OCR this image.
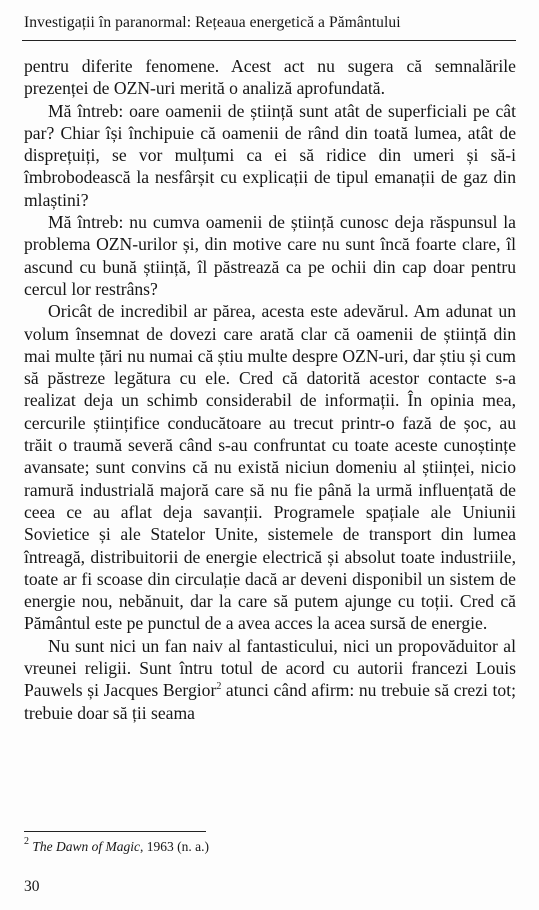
Investigații în paranormal: Rețeaua energetică a Pământului

pentru diferite fenomene. Acest act nu sugera că semnalările prezenței de OZN-uri merită o analiză aprofundată.

Mă întreb: oare oamenii de știință sunt atât de superficiali pe cât par? Chiar își închipuie că oamenii de rând din toată lumea, atât de disprețuiți, se vor mulțumi ca ei să ridice din umeri și să-i îmbrobodească la nesfârșit cu explicații de tipul emanații de gaz din mlaștini?

Mă întreb: nu cumva oamenii de știință cunosc deja răspunsul la problema OZN-urilor și, din motive care nu sunt încă foarte clare, îl ascund cu bună știință, îl păstrează ca pe ochii din cap doar pentru cercul lor restrâns?

Oricât de incredibil ar părea, acesta este adevărul. Am adunat un volum însemnat de dovezi care arată clar că oamenii de știință din mai multe țări nu numai că știu multe despre OZN-uri, dar știu și cum să păstreze legătura cu ele. Cred că datorită acestor contacte s-a realizat deja un schimb considerabil de informații. În opinia mea, cercurile științifice conducătoare au trecut printr-o fază de șoc, au trăit o traumă severă când s-au confruntat cu toate aceste cunoștințe avansate; sunt convins că nu există niciun domeniu al științei, nicio ramură industrială majoră care să nu fie până la urmă influențată de ceea ce au aflat deja savanții. Programele spațiale ale Uniunii Sovietice și ale Statelor Unite, sistemele de transport din lumea întreagă, distribuitorii de energie electrică și absolut toate industriile, toate ar fi scoase din circulație dacă ar deveni disponibil un sistem de energie nou, nebănuit, dar la care să putem ajunge cu toții. Cred că Pământul este pe punctul de a avea acces la acea sursă de energie.

Nu sunt nici un fan naiv al fantasticului, nici un propovăduitor al vreunei religii. Sunt întru totul de acord cu autorii francezi Louis Pauwels și Jacques Bergior$^2$ atunci când afirm: nu trebuie să crezi tot; trebuie doar să ții seama

$^2$ The Dawn of Magic, 1963 (n. a.)
30
